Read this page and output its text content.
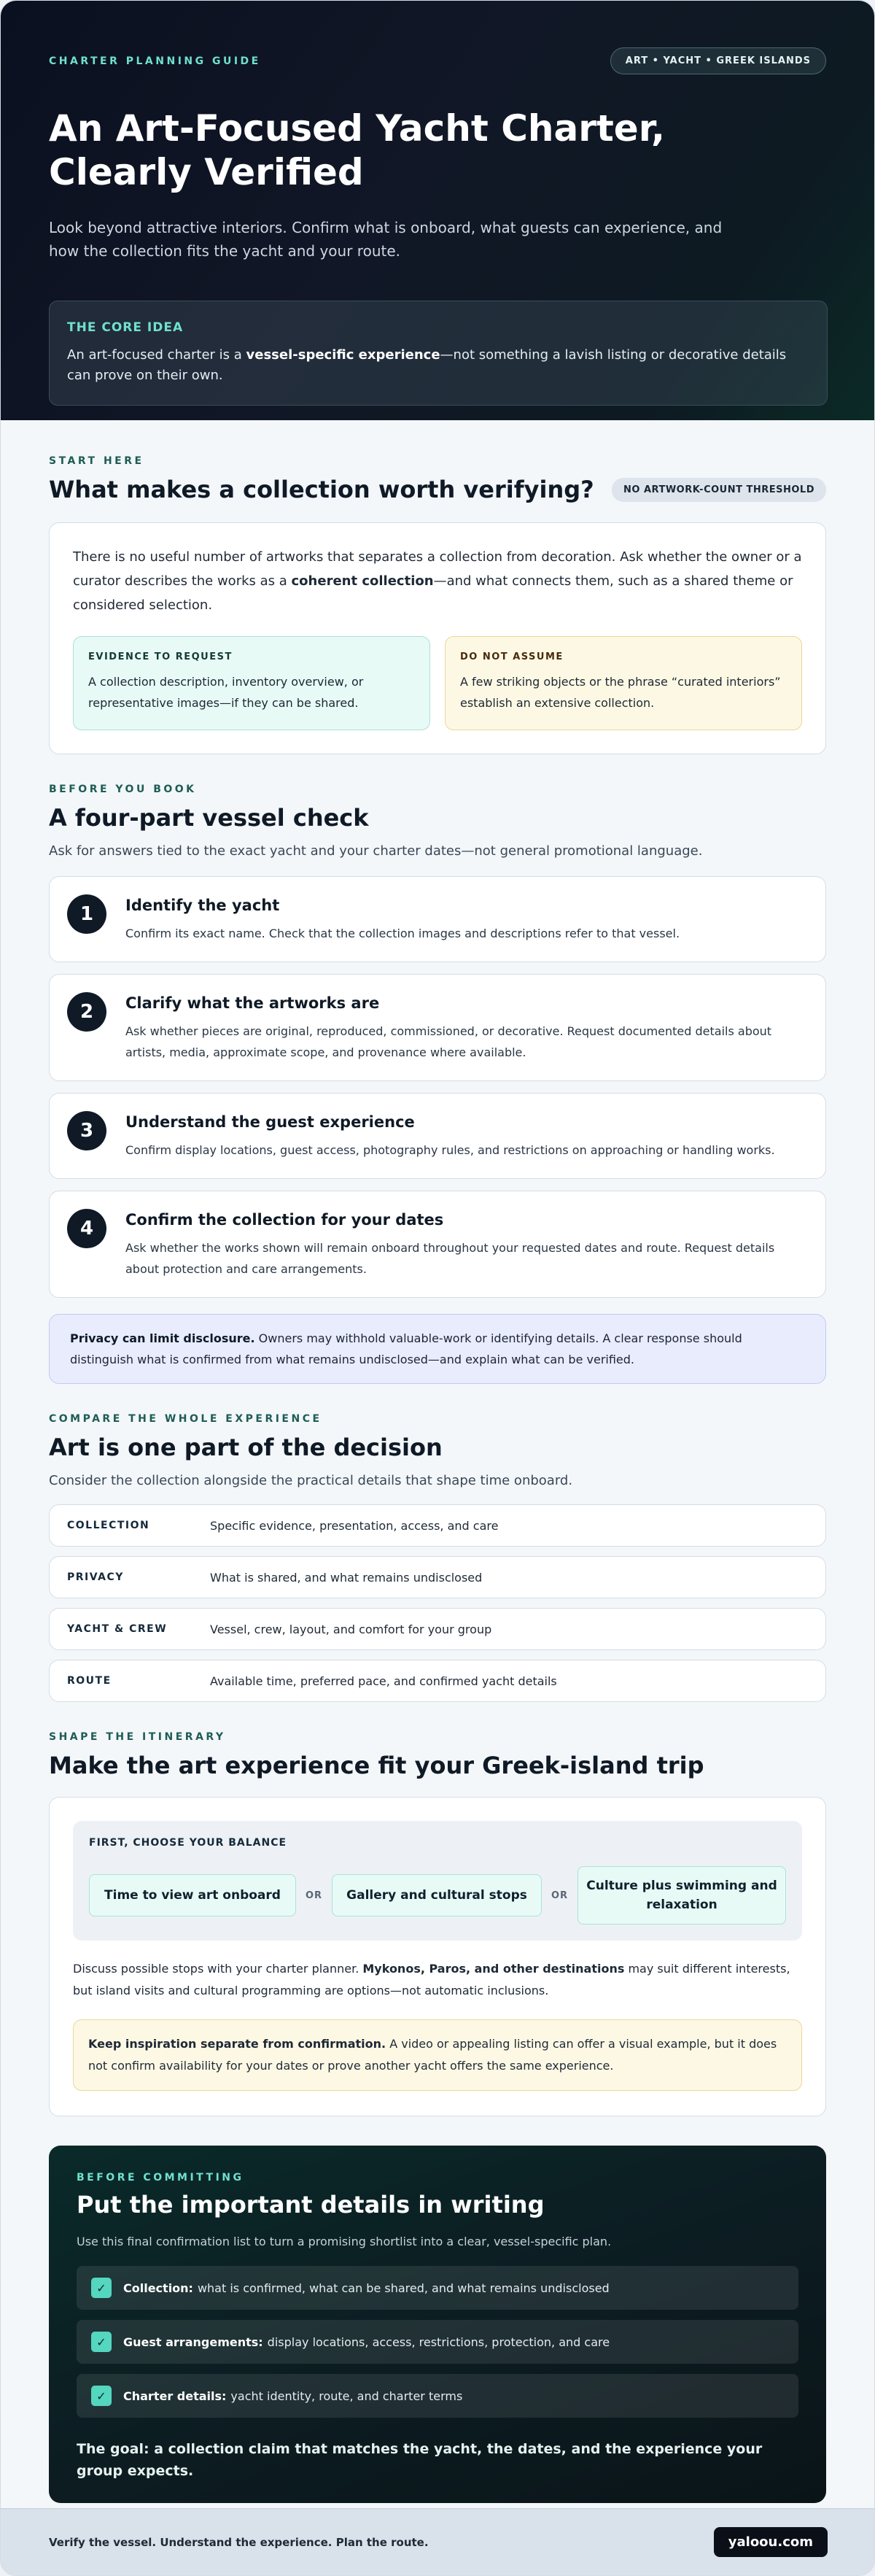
CHARTER PLANNING GUIDE	ART • YACHT • GREEK ISLANDS
An Art-Focused Yacht Charter,
Clearly Verified

Look beyond attractive interiors. Confirm what is onboard, what guests can experience, and how the collection fits the yacht and your route.

THE CORE IDEA

An art-focused charter is a vessel-specific experience—not something a lavish listing or decorative details can prove on their own.

START HERE
What makes a collection worth verifying?	NO ARTWORK-COUNT THRESHOLD

There is no useful number of artworks that separates a collection from decoration. Ask whether the owner or a curator describes the works as a coherent collection—and what connects them, such as a shared theme or considered selection.

EVIDENCE TO REQUEST

A collection description, inventory overview, or representative images—if they can be shared.

DO NOT ASSUME

A few striking objects or the phrase “curated interiors” establish an extensive collection.

BEFORE YOU BOOK
A four-part vessel check

Ask for answers tied to the exact yacht and your charter dates—not general promotional language.

1	Identify the yacht

Confirm its exact name. Check that the collection images and descriptions refer to that vessel.

2	Clarify what the artworks are

Ask whether pieces are original, reproduced, commissioned, or decorative. Request documented details about artists, media, approximate scope, and provenance where available.

3	Understand the guest experience

Confirm display locations, guest access, photography rules, and restrictions on approaching or handling works.

4	Confirm the collection for your dates

Ask whether the works shown will remain onboard throughout your requested dates and route. Request details about protection and care arrangements.

Privacy can limit disclosure. Owners may withhold valuable-work or identifying details. A clear response should distinguish what is confirmed from what remains undisclosed—and explain what can be verified.
COMPARE THE WHOLE EXPERIENCE
Art is one part of the decision

Consider the collection alongside the practical details that shape time onboard.

COLLECTION	Specific evidence, presentation, access, and care
PRIVACY	What is shared, and what remains undisclosed
YACHT & CREW	Vessel, crew, layout, and comfort for your group
ROUTE	Available time, preferred pace, and confirmed yacht details
SHAPE THE ITINERARY
Make the art experience fit your Greek-island trip
FIRST, CHOOSE YOUR BALANCE
Time to view art onboard	OR	Gallery and cultural stops	OR
Culture plus swimming and
relaxation

Discuss possible stops with your charter planner. Mykonos, Paros, and other destinations may suit different interests, but island visits and cultural programming are options—not automatic inclusions.

Keep inspiration separate from confirmation. A video or appealing listing can offer a visual example, but it does not confirm availability for your dates or prove another yacht offers the same experience.
BEFORE COMMITTING
Put the important details in writing

Use this final confirmation list to turn a promising shortlist into a clear, vessel-specific plan.

✓	Collection: what is confirmed, what can be shared, and what remains undisclosed
✓	Guest arrangements: display locations, access, restrictions, protection, and care
✓	Charter details: yacht identity, route, and charter terms

The goal: a collection claim that matches the yacht, the dates, and the experience your group expects.

Verify the vessel. Understand the experience. Plan the route.	yaloou.com
